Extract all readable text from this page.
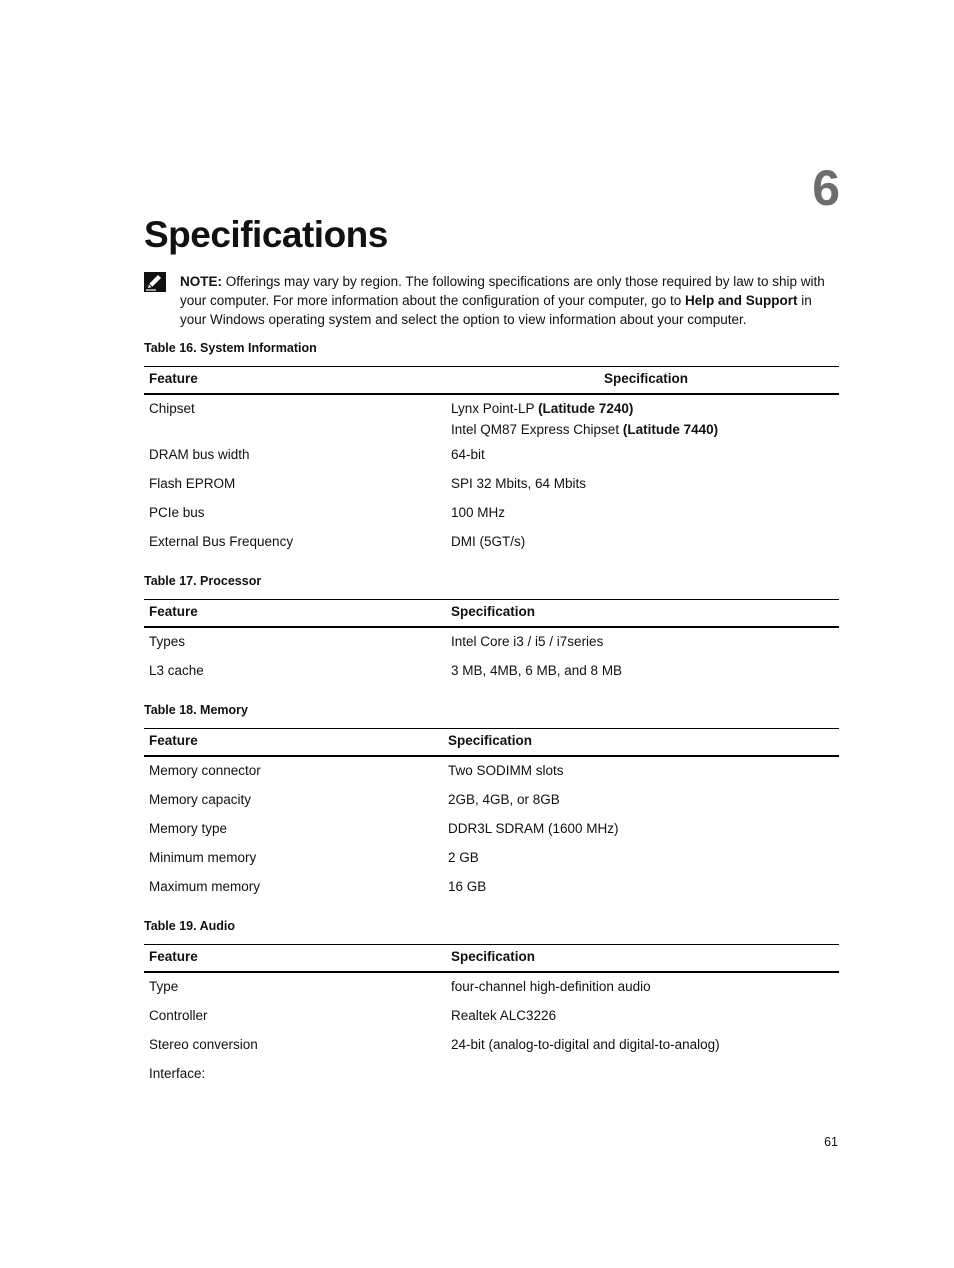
6
Specifications
NOTE: Offerings may vary by region. The following specifications are only those required by law to ship with your computer. For more information about the configuration of your computer, go to Help and Support in your Windows operating system and select the option to view information about your computer.
Table 16. System Information
Feature	Specification
Chipset	Lynx Point-LP (Latitude 7240)
Intel QM87 Express Chipset (Latitude 7440)
DRAM bus width	64-bit
Flash EPROM	SPI 32 Mbits, 64 Mbits
PCIe bus	100 MHz
External Bus Frequency	DMI (5GT/s)
Table 17. Processor
Feature	Specification
Types	Intel Core i3 / i5 / i7series
L3 cache	3 MB, 4MB, 6 MB, and 8 MB
Table 18. Memory
Feature	Specification
Memory connector	Two SODIMM slots
Memory capacity	2GB, 4GB, or 8GB
Memory type	DDR3L SDRAM (1600 MHz)
Minimum memory	2 GB
Maximum memory	16 GB
Table 19. Audio
Feature	Specification
Type	four-channel high-definition audio
Controller	Realtek ALC3226
Stereo conversion	24-bit (analog-to-digital and digital-to-analog)
Interface:
61
